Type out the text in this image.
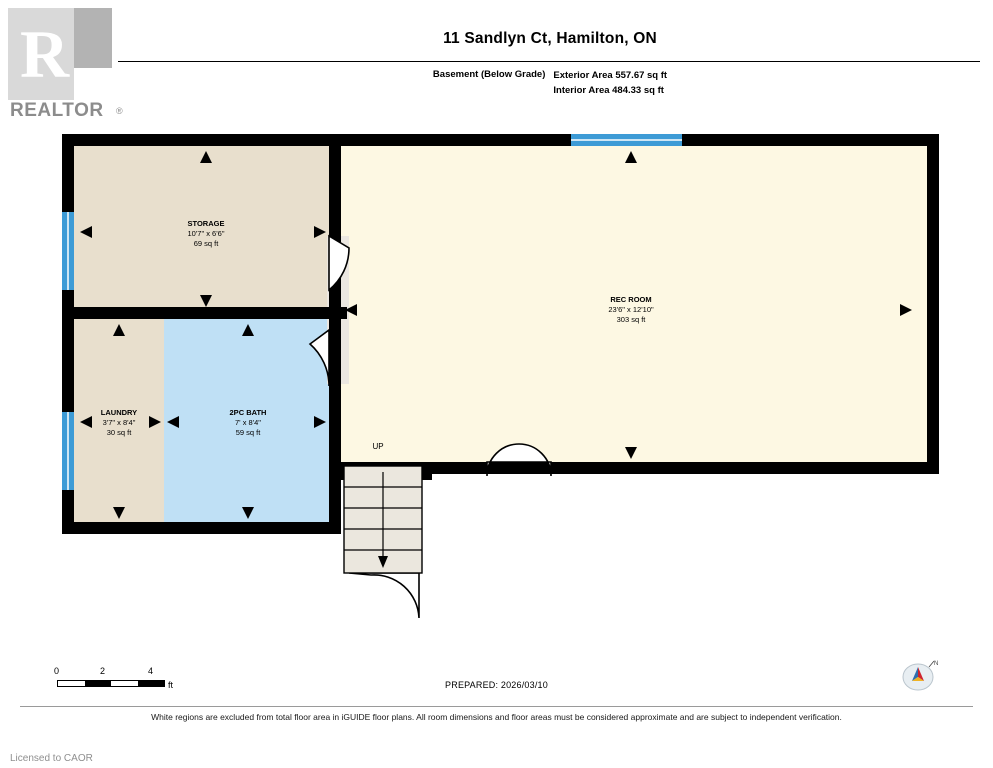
R
REALTOR ®
11 Sandlyn Ct, Hamilton, ON
Basement (Below Grade) Exterior Area 557.67 sq ft
Interior Area 484.33 sq ft
UP
STORAGE
10'7" x 6'6"
69 sq ft
LAUNDRY
3'7" x 8'4"
30 sq ft
2PC BATH
7' x 8'4"
59 sq ft
REC ROOM
23'6" x 12'10"
303 sq ft
0	2	4
ft	PREPARED: 2026/03/10
N
White regions are excluded from total floor area in iGUIDE floor plans. All room dimensions and floor areas must be considered approximate and are subject to independent verification.
Licensed to CAOR
